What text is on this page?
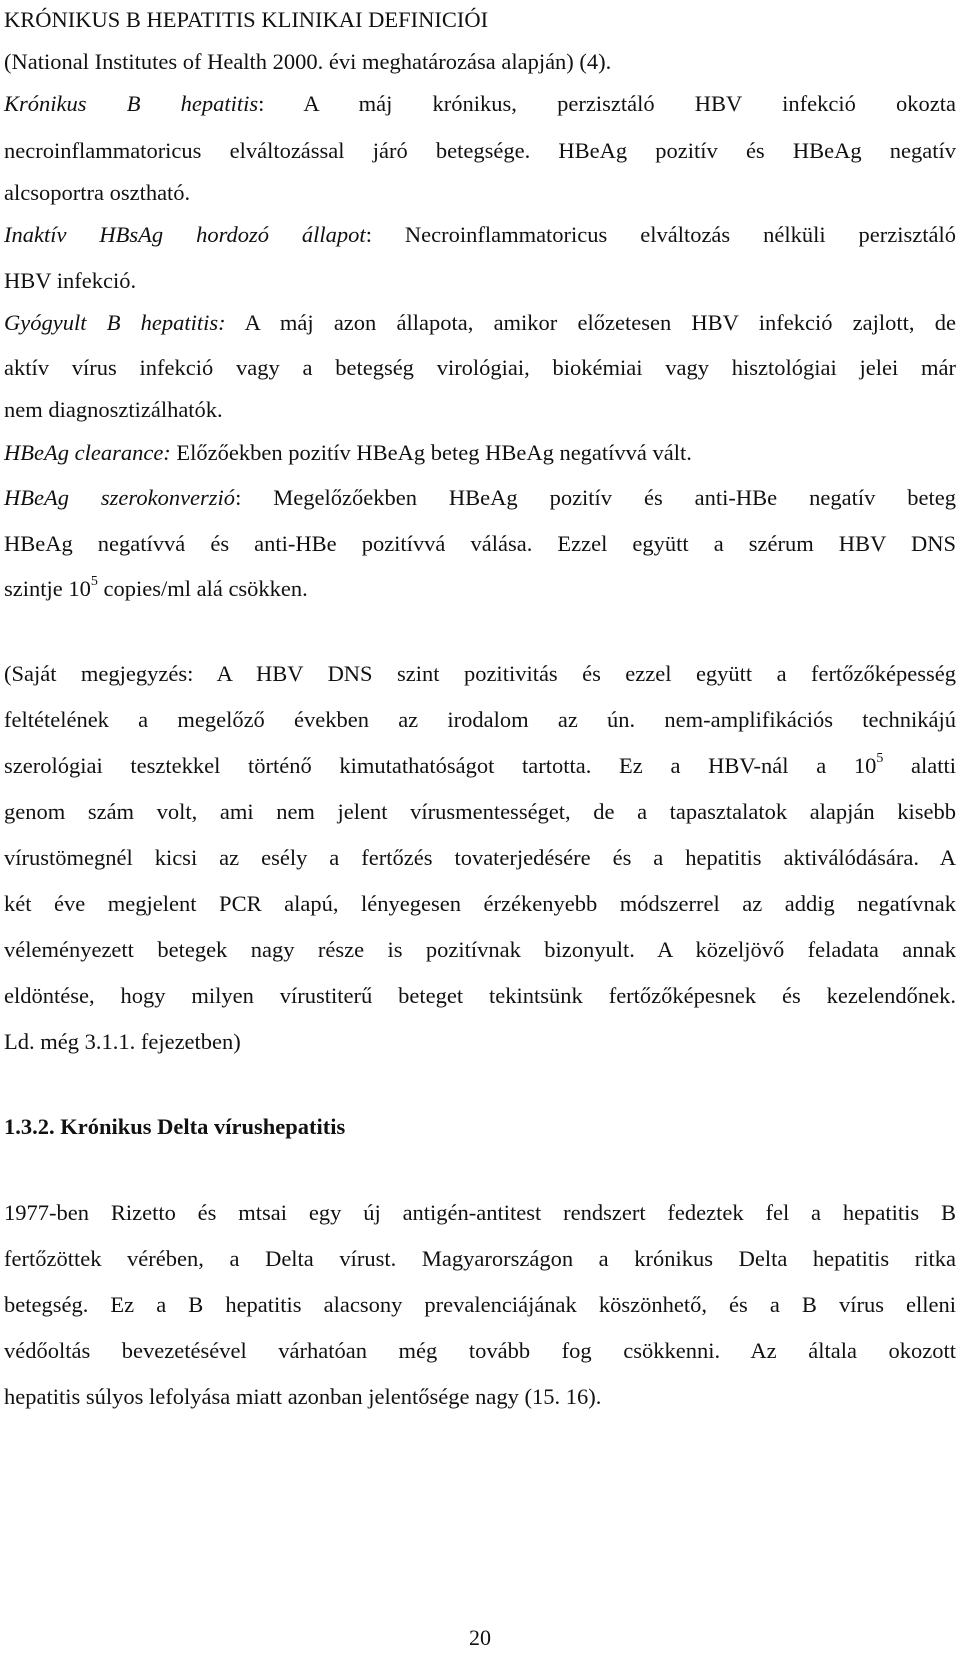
KRÓNIKUS B HEPATITIS KLINIKAI DEFINICIÓI
(National Institutes of Health 2000. évi meghatározása alapján) (4).
Krónikus B hepatitis: A máj krónikus, perzisztáló HBV infekció okozta
necroinflammatoricus elváltozással járó betegsége. HBeAg pozitív és HBeAg negatív
alcsoportra osztható.
Inaktív HBsAg hordozó állapot: Necroinflammatoricus elváltozás nélküli perzisztáló
HBV infekció.
Gyógyult B hepatitis: A máj azon állapota, amikor előzetesen HBV infekció zajlott, de
aktív vírus infekció vagy a betegség virológiai, biokémiai vagy hisztológiai jelei már
nem diagnosztizálhatók.
HBeAg clearance: Előzőekben pozitív HBeAg beteg HBeAg negatívvá vált.
HBeAg szerokonverzió: Megelőzőekben HBeAg pozitív és anti-HBe negatív beteg
HBeAg negatívvá és anti-HBe pozitívvá válása. Ezzel együtt a szérum HBV DNS
szintje $10^5$ copies/ml alá csökken.
(Saját megjegyzés: A HBV DNS szint pozitivitás és ezzel együtt a fertőzőképesség
feltételének a megelőző években az irodalom az ún. nem-amplifikációs technikájú
szerológiai tesztekkel történő kimutathatóságot tartotta. Ez a HBV-nál a $10^5$ alatti
genom szám volt, ami nem jelent vírusmentességet, de a tapasztalatok alapján kisebb
vírustömegnél kicsi az esély a fertőzés tovaterjedésére és a hepatitis aktiválódására. A
két éve megjelent PCR alapú, lényegesen érzékenyebb módszerrel az addig negatívnak
véleményezett betegek nagy része is pozitívnak bizonyult. A közeljövő feladata annak
eldöntése, hogy milyen vírustiterű beteget tekintsünk fertőzőképesnek és kezelendőnek.
Ld. még 3.1.1. fejezetben)
1.3.2. Krónikus Delta vírushepatitis
1977-ben Rizetto és mtsai egy új antigén-antitest rendszert fedeztek fel a hepatitis B
fertőzöttek vérében, a Delta vírust. Magyarországon a krónikus Delta hepatitis ritka
betegség. Ez a B hepatitis alacsony prevalenciájának köszönhető, és a B vírus elleni
védőoltás bevezetésével várhatóan még tovább fog csökkenni. Az általa okozott
hepatitis súlyos lefolyása miatt azonban jelentősége nagy (15. 16).
20
